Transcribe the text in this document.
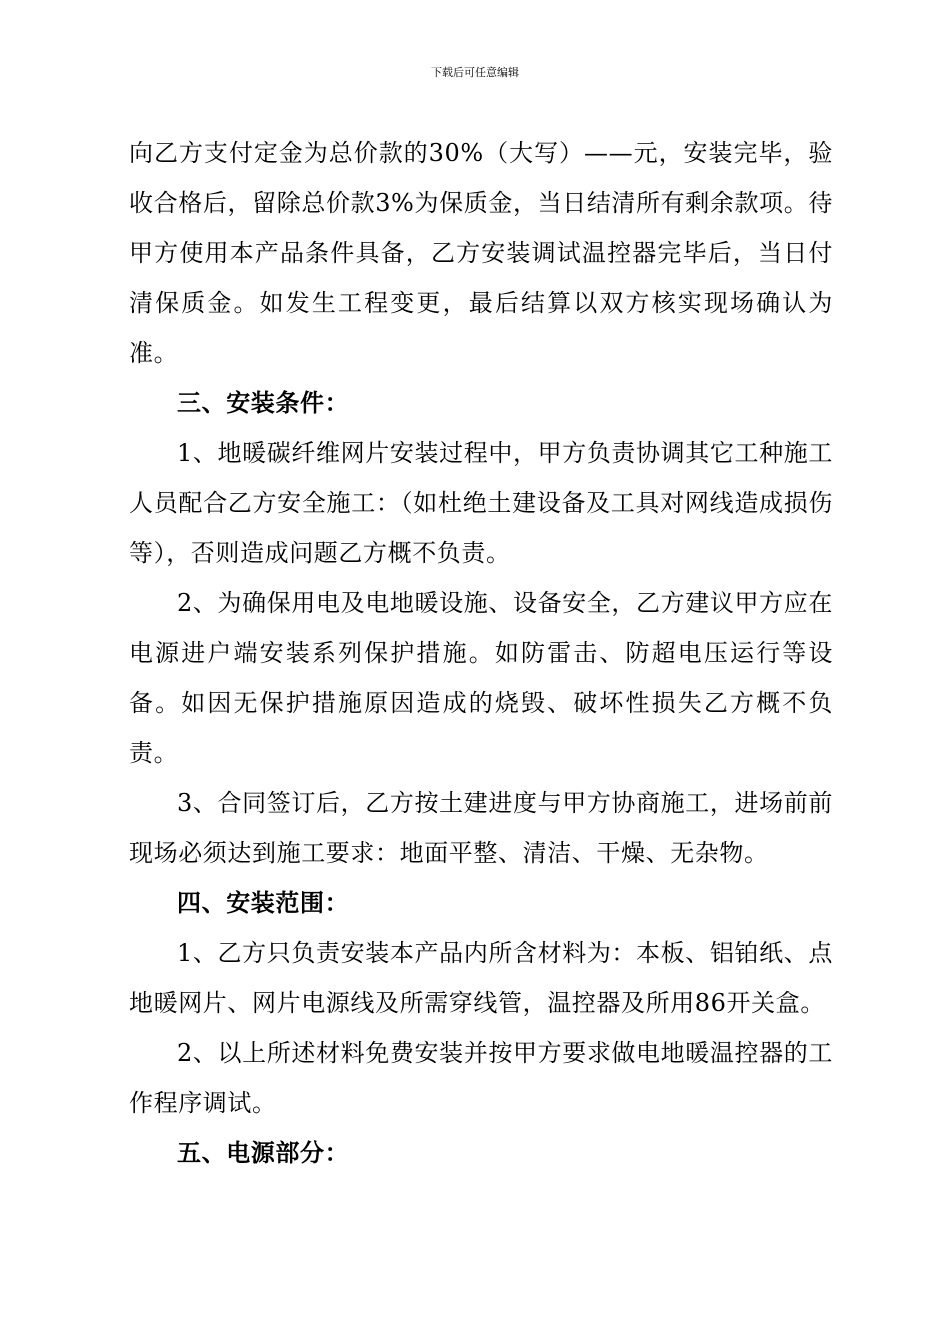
下载后可任意编辑

向乙方支付定金为总价款的30%（大写）——元，安装完毕，验收合格后，留除总价款3%为保质金，当日结清所有剩余款项。待甲方使用本产品条件具备，乙方安装调试温控器完毕后，当日付清保质金。如发生工程变更，最后结算以双方核实现场确认为准。

三、安装条件：

1、地暖碳纤维网片安装过程中，甲方负责协调其它工种施工人员配合乙方安全施工：（如杜绝土建设备及工具对网线造成损伤等），否则造成问题乙方概不负责。

2、为确保用电及电地暖设施、设备安全，乙方建议甲方应在电源进户端安装系列保护措施。如防雷击、防超电压运行等设备。如因无保护措施原因造成的烧毁、破坏性损失乙方概不负责。

3、合同签订后，乙方按土建进度与甲方协商施工，进场前前现场必须达到施工要求：地面平整、清洁、干燥、无杂物。

四、安装范围：

1、乙方只负责安装本产品内所含材料为：本板、铝铂纸、点地暖网片、网片电源线及所需穿线管，温控器及所用86开关盒。

2、以上所述材料免费安装并按甲方要求做电地暖温控器的工作程序调试。

五、电源部分：
